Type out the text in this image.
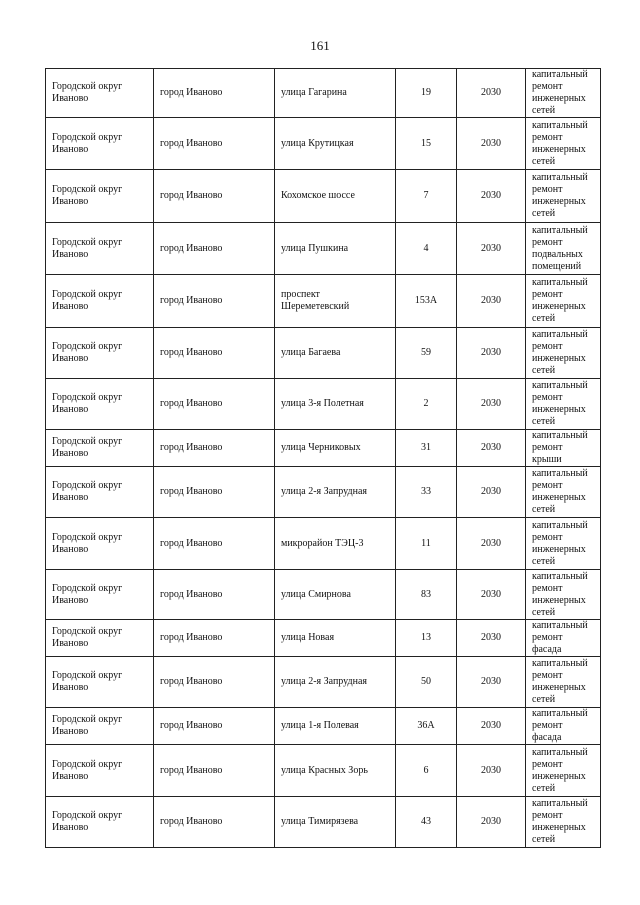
161
Городской округ Иваново	город Иваново	улица Гагарина	19	2030	капитальный ремонт инженерных сетей
Городской округ Иваново	город Иваново	улица Крутицкая	15	2030	капитальный ремонт инженерных сетей
Городской округ Иваново	город Иваново	Кохомское шоссе	7	2030	капитальный ремонт инженерных сетей
Городской округ Иваново	город Иваново	улица Пушкина	4	2030	капитальный ремонт подвальных помещений
Городской округ Иваново	город Иваново	проспект Шереметевский	153А	2030	капитальный ремонт инженерных сетей
Городской округ Иваново	город Иваново	улица Багаева	59	2030	капитальный ремонт инженерных сетей
Городской округ Иваново	город Иваново	улица 3-я Полетная	2	2030	капитальный ремонт инженерных сетей
Городской округ Иваново	город Иваново	улица Черниковых	31	2030	капитальный ремонт крыши
Городской округ Иваново	город Иваново	улица 2-я Запрудная	33	2030	капитальный ремонт инженерных сетей
Городской округ Иваново	город Иваново	микрорайон ТЭЦ-3	11	2030	капитальный ремонт инженерных сетей
Городской округ Иваново	город Иваново	улица Смирнова	83	2030	капитальный ремонт инженерных сетей
Городской округ Иваново	город Иваново	улица Новая	13	2030	капитальный ремонт фасада
Городской округ Иваново	город Иваново	улица 2-я Запрудная	50	2030	капитальный ремонт инженерных сетей
Городской округ Иваново	город Иваново	улица 1-я Полевая	36А	2030	капитальный ремонт фасада
Городской округ Иваново	город Иваново	улица Красных Зорь	6	2030	капитальный ремонт инженерных сетей
Городской округ Иваново	город Иваново	улица Тимирязева	43	2030	капитальный ремонт инженерных сетей
